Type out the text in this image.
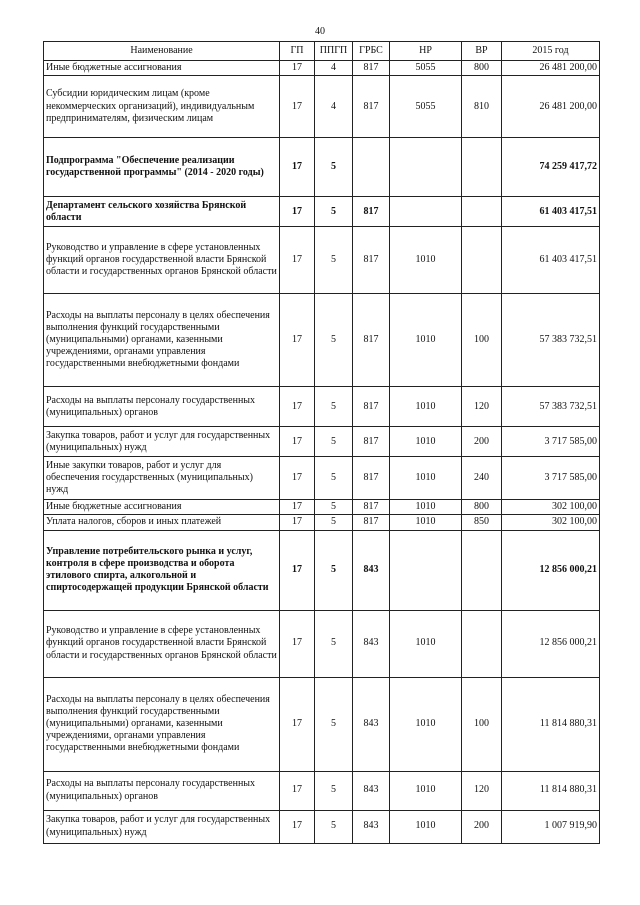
40
Наименование	ГП	ППГП	ГРБС	НР	ВР	2015 год
Иные бюджетные ассигнования	17	4	817	5055	800	26 481 200,00
Субсидии юридическим лицам (кроме некоммерческих организаций), индивидуальным предпринимателям, физическим лицам	17	4	817	5055	810	26 481 200,00
Подпрограмма "Обеспечение реализации государственной программы" (2014 - 2020 годы)	17	5				74 259 417,72
Департамент сельского хозяйства Брянской области	17	5	817			61 403 417,51
Руководство и управление в сфере установленных функций органов государственной власти Брянской области и государственных органов Брянской области	17	5	817	1010		61 403 417,51
Расходы на выплаты персоналу в целях обеспечения выполнения функций государственными (муниципальными) органами, казенными учреждениями, органами управления государственными внебюджетными фондами	17	5	817	1010	100	57 383 732,51
Расходы на выплаты персоналу государственных (муниципальных) органов	17	5	817	1010	120	57 383 732,51
Закупка товаров, работ и услуг для государственных (муниципальных) нужд	17	5	817	1010	200	3 717 585,00
Иные закупки товаров, работ и услуг для обеспечения государственных (муниципальных) нужд	17	5	817	1010	240	3 717 585,00
Иные бюджетные ассигнования	17	5	817	1010	800	302 100,00
Уплата налогов, сборов и иных платежей	17	5	817	1010	850	302 100,00
Управление потребительского рынка и услуг, контроля в сфере производства и оборота этилового спирта, алкогольной и спиртосодержащей продукции Брянской области	17	5	843			12 856 000,21
Руководство и управление в сфере установленных функций органов государственной власти Брянской области и государственных органов Брянской области	17	5	843	1010		12 856 000,21
Расходы на выплаты персоналу в целях обеспечения выполнения функций государственными (муниципальными) органами, казенными учреждениями, органами управления государственными внебюджетными фондами	17	5	843	1010	100	11 814 880,31
Расходы на выплаты персоналу государственных (муниципальных) органов	17	5	843	1010	120	11 814 880,31
Закупка товаров, работ и услуг для государственных (муниципальных) нужд	17	5	843	1010	200	1 007 919,90
